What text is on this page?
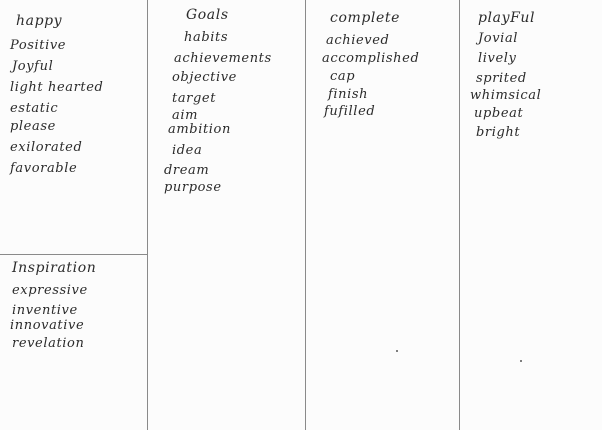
happy
Positive
Joyful
light hearted
estatic
please
exilorated
favorable
Inspiration
expressive
inventive
innovative
revelation
Goals
habits
achievements
objective
target
aim
ambition
idea
dream
purpose
complete
achieved
accomplished
cap
finish
fufilled
playFul
Jovial
lively
sprited
whimsical
upbeat
bright
